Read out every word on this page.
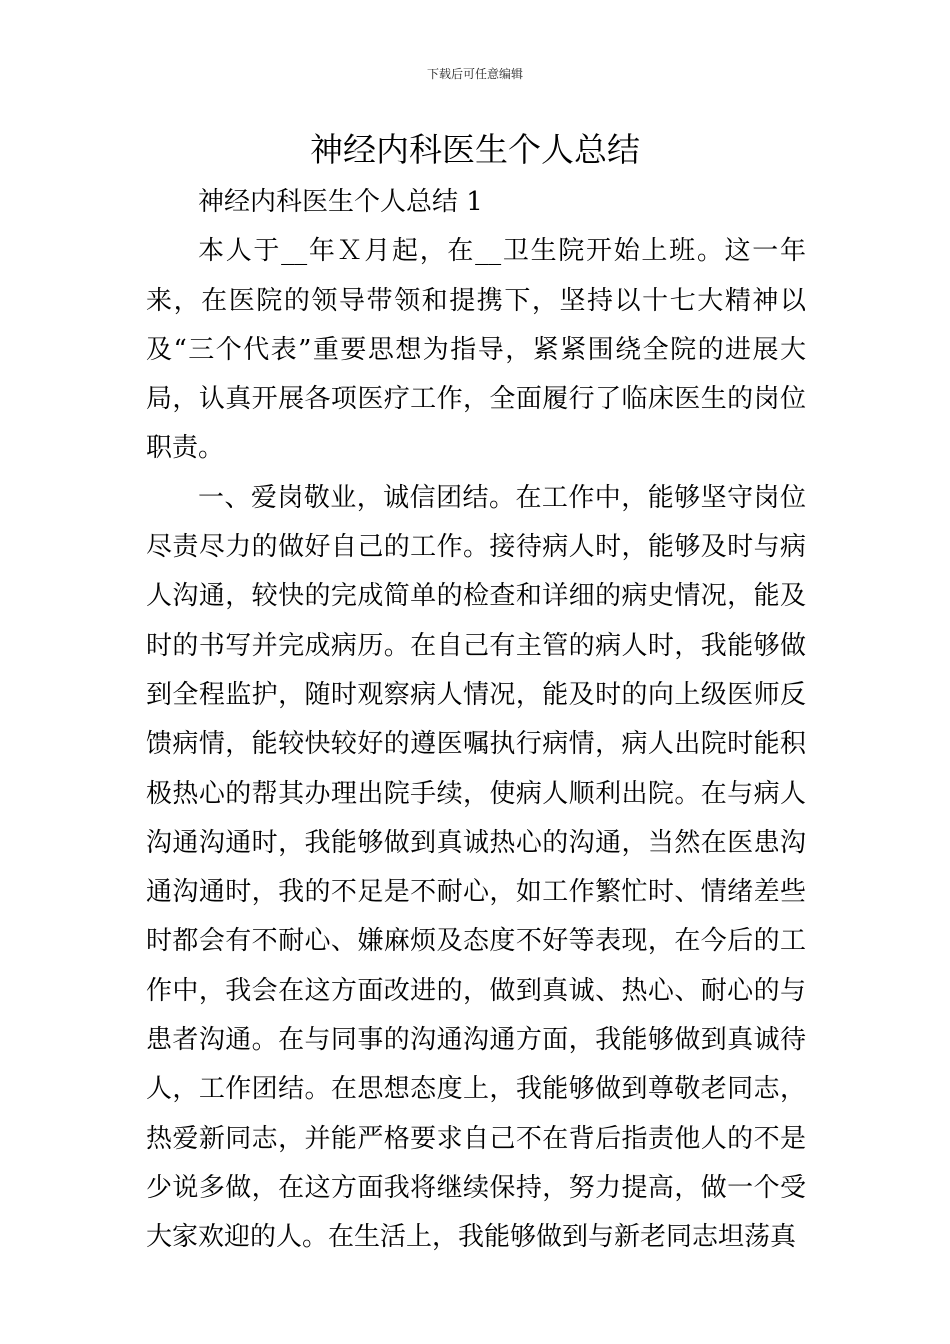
下载后可任意编辑
神经内科医生个人总结

神经内科医生个人总结 1

本人于__年Ｘ月起，在__卫生院开始上班。这一年来，在医院的领导带领和提携下，坚持以十七大精神以及“三个代表”重要思想为指导，紧紧围绕全院的进展大局，认真开展各项医疗工作，全面履行了临床医生的岗位职责。

一、爱岗敬业，诚信团结。在工作中，能够坚守岗位尽责尽力的做好自己的工作。接待病人时，能够及时与病人沟通，较快的完成简单的检查和详细的病史情况，能及时的书写并完成病历。在自己有主管的病人时，我能够做到全程监护，随时观察病人情况，能及时的向上级医师反馈病情，能较快较好的遵医嘱执行病情，病人出院时能积极热心的帮其办理出院手续，使病人顺利出院。在与病人沟通沟通时，我能够做到真诚热心的沟通，当然在医患沟通沟通时，我的不足是不耐心，如工作繁忙时、情绪差些时都会有不耐心、嫌麻烦及态度不好等表现，在今后的工作中，我会在这方面改进的，做到真诚、热心、耐心的与患者沟通。在与同事的沟通沟通方面，我能够做到真诚待人，工作团结。在思想态度上，我能够做到尊敬老同志，热爱新同志，并能严格要求自己不在背后指责他人的不是少说多做，在这方面我将继续保持，努力提高，做一个受大家欢迎的人。在生活上，我能够做到与新老同志坦荡真
